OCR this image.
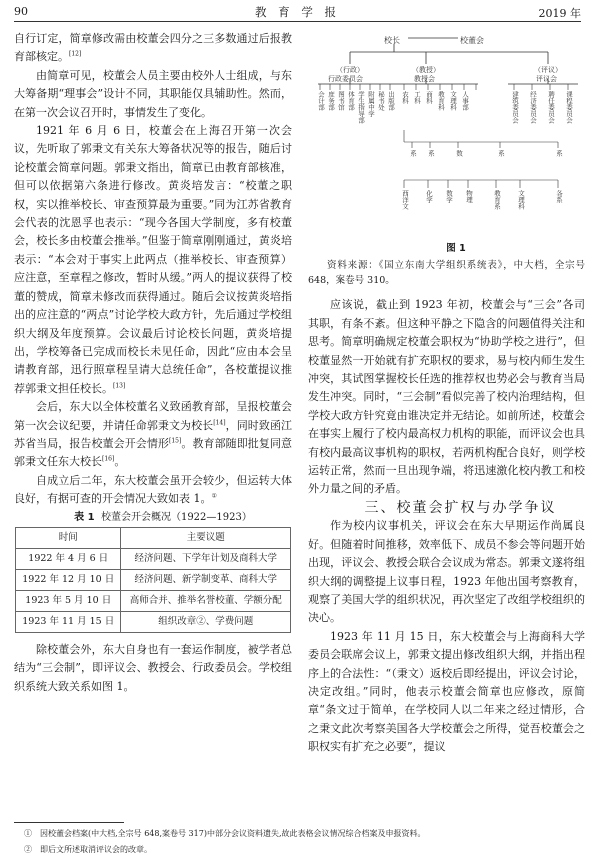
90	教 育 学 报	2019 年

自行订定，简章修改需由校董会四分之三多数通过后报教育部核定。[12]

由简章可见，校董会人员主要由校外人士组成，与东大筹备期“理事会”设计不同，其职能仅具辅助性。然而，在第一次会议召开时，事情发生了变化。

1921 年 6 月 6 日，校董会在上海召开第一次会议，先听取了郭秉文有关东大筹备状况等的报告，随后讨论校董会简章问题。郭秉文指出，简章已由教育部核准，但可以依据第六条进行修改。黄炎培发言：“校董之职权，实以推举校长、审查预算最为重要。”同为江苏省教育会代表的沈恩孚也表示：“现今各国大学制度，多有校董会，校长多由校董会推举。”但鉴于简章刚刚通过，黄炎培表示：“本会对于事实上此两点（推举校长、审查预算）应注意，至章程之修改，暂时从缓。”两人的提议获得了校董的赞成，简章未修改而获得通过。随后会议按黄炎培指出的应注意的“两点”讨论学校大政方针，先后通过学校组织大纲及年度预算。会议最后讨论校长问题，黄炎培提出，学校筹备已完成而校长未见任命，因此“应由本会呈请教育部，迅行照章程呈请大总统任命”，各校董提议推荐郭秉文担任校长。[13]

会后，东大以全体校董名义致函教育部，呈报校董会第一次会议纪要，并请任命郭秉文为校长[14]，同时致函江苏省当局，报告校董会开会情形[15]。教育部随即批复同意郭秉文任东大校长[16]。

自成立后二年，东大校董会虽开会较少，但运转大体良好，有据可查的开会情况大致如表 1。①

表 1 校董会开会概况（1922—1923）

时间	主要议题
1922 年 4 月 6 日	经济问题、下学年计划及商科大学
1922 年 12 月 10 日	经济问题、新学制变革、商科大学
1923 年 5 月 10 日	高师合并、推举名誉校董、学额分配
1923 年 11 月 15 日	组织改章②、学费问题

除校董会外，东大自身也有一套运作制度，被学者总结为“三会制”，即评议会、教授会、行政委员会。学校组织系统大致关系如图 1。

校长	校董会
（行政）
行政委员会
（教授）
教授会
（评议）
评议会
会计部 庶务部 图书馆 体育部 学生指导部 附属中学 秘书处 出版部 农科 工科 商科 教育科 文理科 人事部	建筑委员会 经济委员会 聘任委员会 课程委员会
系 系	数	系	系
西洋文 化学 数学 物理	教育系 文理科	各系

图 1

资料来源：《国立东南大学组织系统表》，中大档，全宗号 648，案卷号 310。

应该说，截止到 1923 年初，校董会与“三会”各司其职，有条不紊。但这种平静之下隐含的问题值得关注和思考。简章明确规定校董会职权为“协助学校之进行”，但校董显然一开始就有扩充职权的要求，易与校内师生发生冲突，其试图掌握校长任选的推荐权也势必会与教育当局发生冲突。同时，“三会制”看似完善了校内治理结构，但学校大政方针究竟由谁决定并无结论。如前所述，校董会在事实上履行了校内最高权力机构的职能，而评议会也具有校内最高议事机构的职权，若两机构配合良好，则学校运转正常，然而一旦出现争端，将迅速激化校内教工和校外力量之间的矛盾。

三、校董会扩权与办学争议

作为校内议事机关，评议会在东大早期运作尚属良好。但随着时间推移，效率低下、成员不参会等问题开始出现，评议会、教授会联合会议成为常态。郭秉文遂将组织大纲的调整提上议事日程，1923 年他出国考察教育，观察了美国大学的组织状况，再次坚定了改组学校组织的决心。

1923 年 11 月 15 日，东大校董会与上海商科大学委员会联席会议上，郭秉文提出修改组织大纲，并指出程序上的合法性：“（秉文）返校后即经提出，评议会讨论，决定改组。”同时，他表示校董会简章也应修改，原简章“条文过于简单，在学校同人以二年来之经过情形，合之秉文此次考察美国各大学校董会之所得，觉吾校董会之职权实有扩充之必要”，提议

①　因校董会档案(中大档,全宗号 648,案卷号 317)中部分会议资料遗失,故此表格会议情况综合档案及申报资料。
②　即后文所述取消评议会的改章。
